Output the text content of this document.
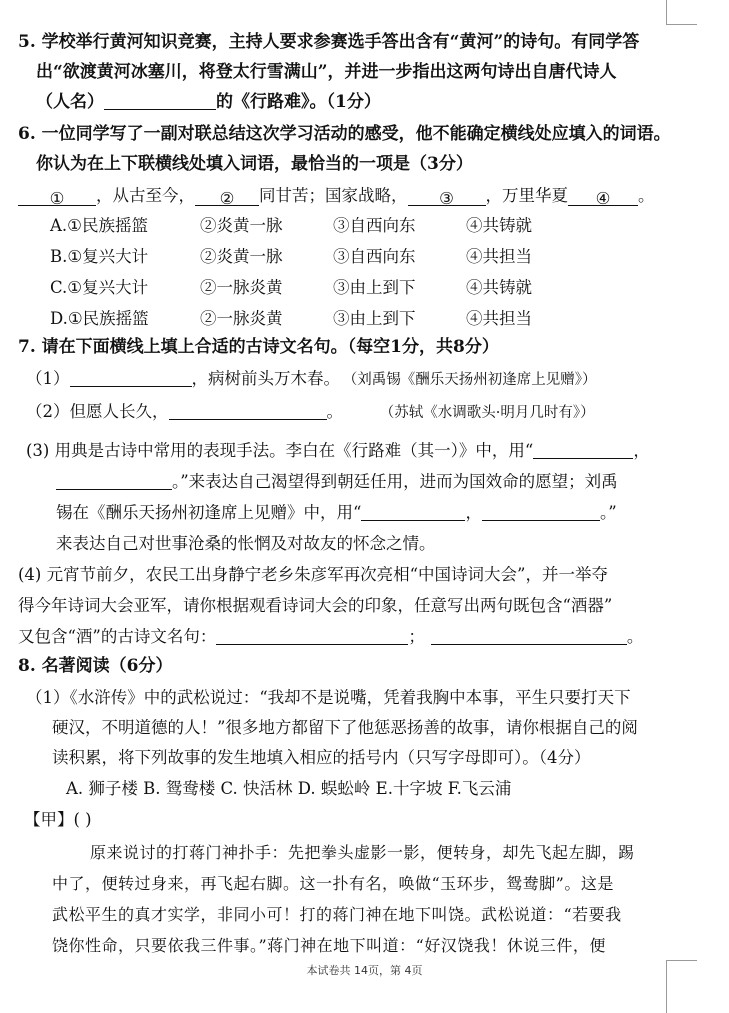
5. 学校举行黄河知识竞赛，主持人要求参赛选手答出含有“黄河”的诗句。有同学答
出“欲渡黄河冰塞川，将登太行雪满山”，并进一步指出这两句诗出自唐代诗人
（人名）	的《行路难》。（1分）
6. 一位同学写了一副对联总结这次学习活动的感受，他不能确定横线处应填入的词语。
你认为在上下联横线处填入词语，最恰当的一项是（3分）
① ，从古至今， ② 同甘苦；国家战略， ③ ，万里华夏 ④ 。
A.①民族摇篮	②炎黄一脉	③自西向东	④共铸就
B.①复兴大计	②炎黄一脉	③自西向东	④共担当
C.①复兴大计	②一脉炎黄	③由上到下	④共铸就
D.①民族摇篮	②一脉炎黄	③由上到下	④共担当
7. 请在下面横线上填上合适的古诗文名句。（每空1分，共8分）
（1）	，病树前头万木春。 （刘禹锡《酬乐天扬州初逢席上见赠》）
（2）但愿人长久，	。	（苏轼《水调歌头·明月几时有》）
(3) 用典是古诗中常用的表现手法。李白在《行路难（其一）》中，用“	，
。”来表达自己渴望得到朝廷任用，进而为国效命的愿望；刘禹
锡在《酬乐天扬州初逢席上见赠》中，用“	，	。”
来表达自己对世事沧桑的怅惘及对故友的怀念之情。
(4) 元宵节前夕，农民工出身静宁老乡朱彦军再次亮相“中国诗词大会”，并一举夺
得今年诗词大会亚军，请你根据观看诗词大会的印象，任意写出两句既包含“酒器”
又包含“酒”的古诗文名句：	；	。
8. 名著阅读（6分）
（1）《水浒传》中的武松说过：“我却不是说嘴，凭着我胸中本事，平生只要打天下
硬汉，不明道德的人！”很多地方都留下了他惩恶扬善的故事，请你根据自己的阅
读积累，将下列故事的发生地填入相应的括号内（只写字母即可）。（4分）
A. 狮子楼 B. 鸳鸯楼 C. 快活林 D. 蜈蚣岭 E.十字坡 F.飞云浦
【甲】( )
原来说讨的打蒋门神扑手：先把拳头虚影一影，便转身，却先飞起左脚，踢
中了，便转过身来，再飞起右脚。这一扑有名，唤做“玉环步，鸳鸯脚”。这是
武松平生的真才实学，非同小可！打的蒋门神在地下叫饶。武松说道：“若要我
饶你性命，只要依我三件事。”蒋门神在地下叫道：“好汉饶我！休说三件，便
本试卷共 14页，第 4页
